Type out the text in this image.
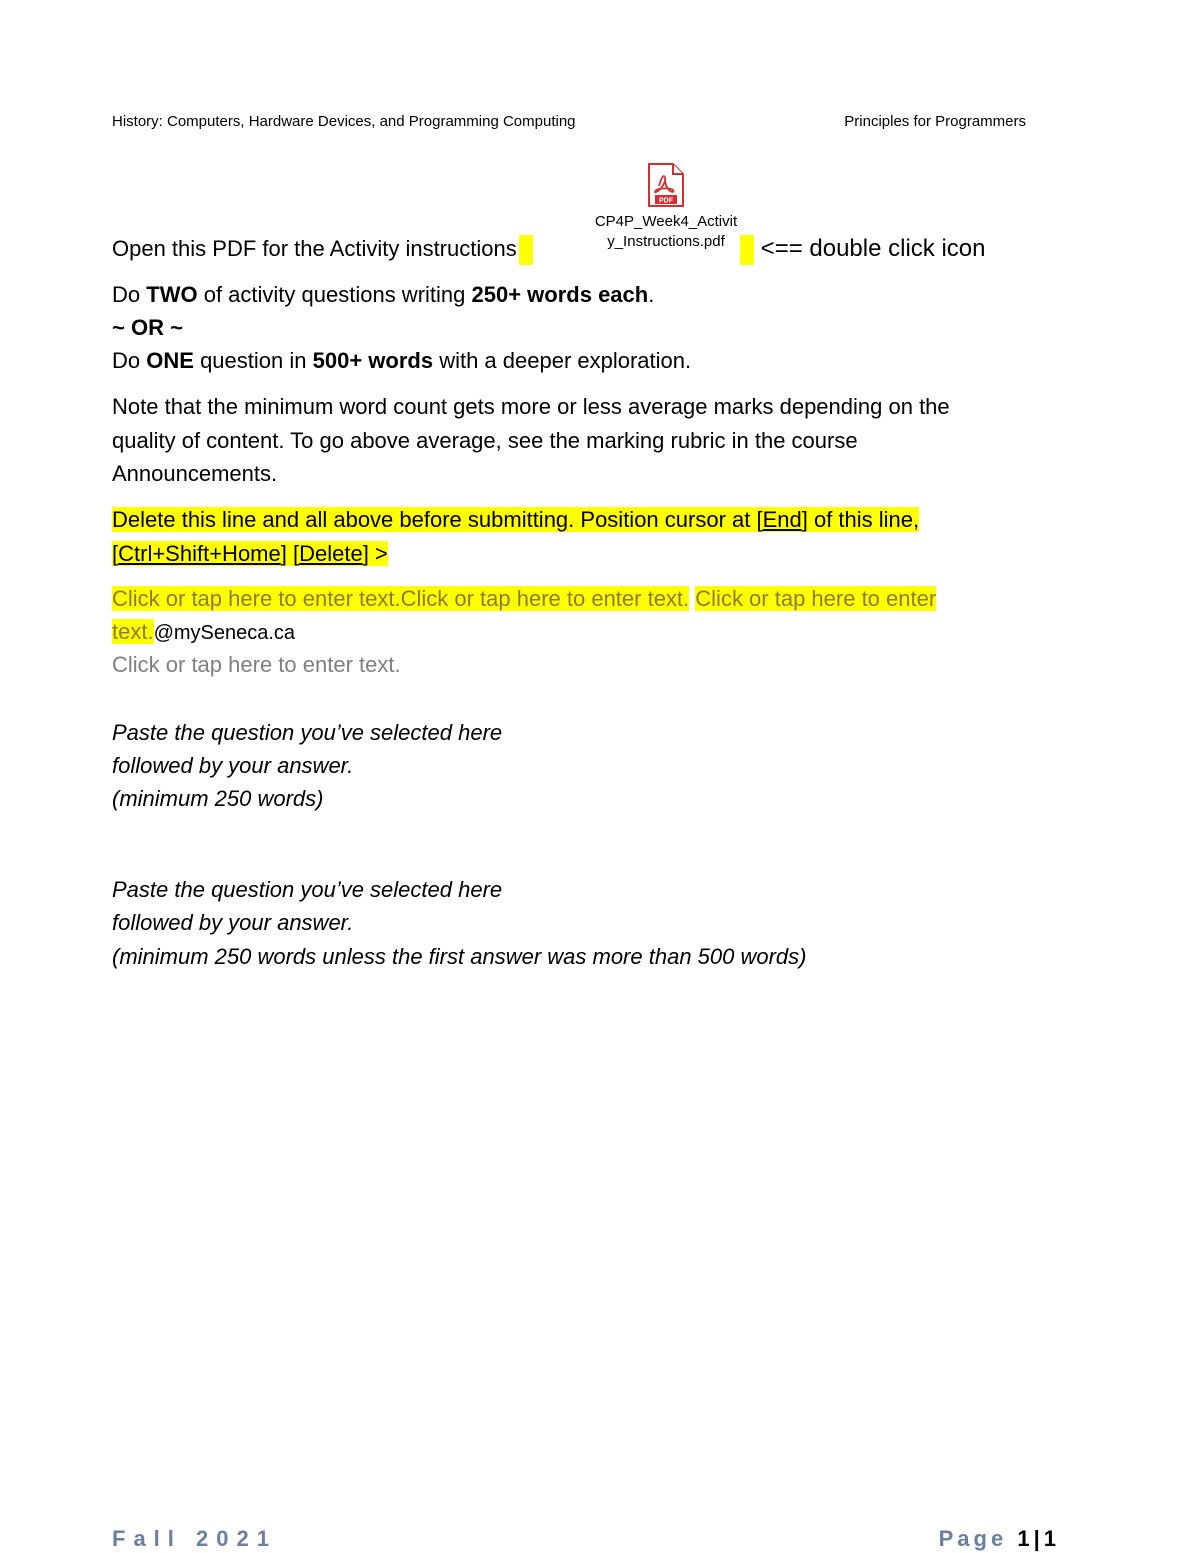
History: Computers, Hardware Devices, and Programming Computing	Principles for Programmers
PDF
CP4P_Week4_Activit
y_Instructions.pdf
Open this PDF for the Activity instructions	<== double click icon
Do TWO of activity questions writing 250+ words each.
~ OR ~
Do ONE question in 500+ words with a deeper exploration.
Note that the minimum word count gets more or less average marks depending on the
quality of content. To go above average, see the marking rubric in the course
Announcements.
Delete this line and all above before submitting. Position cursor at [End] of this line,
[Ctrl+Shift+Home] [Delete] >
Click or tap here to enter text.Click or tap here to enter text. Click or tap here to enter
text.@mySeneca.ca
Click or tap here to enter text.
Paste the question you’ve selected here
followed by your answer.
(minimum 250 words)
Paste the question you’ve selected here
followed by your answer.
(minimum 250 words unless the first answer was more than 500 words)
Fall 2021	Page 1|1
